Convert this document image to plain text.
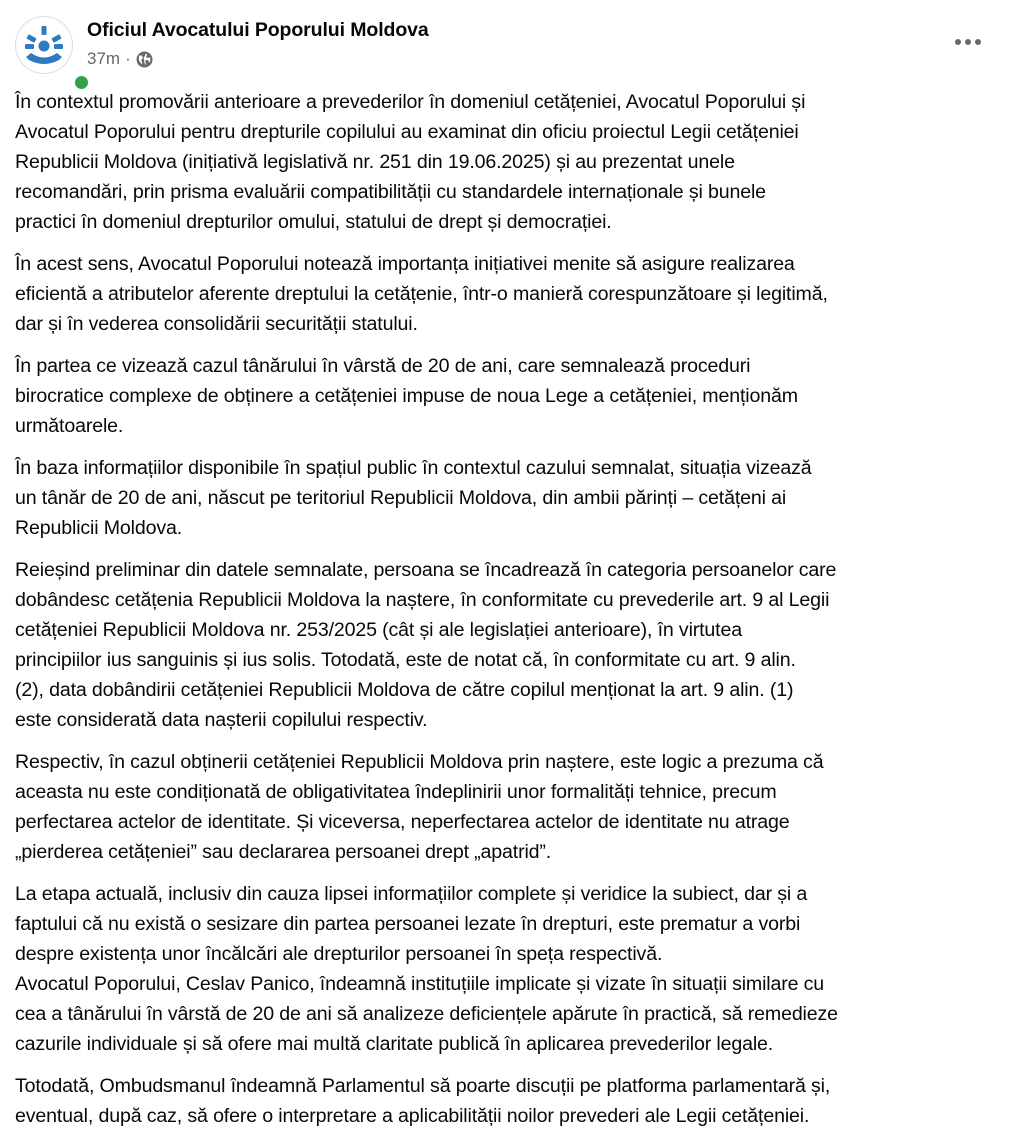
Oficiul Avocatului Poporului Moldova
37m ·

În contextul promovării anterioare a prevederilor în domeniul cetățeniei, Avocatul Poporului și
Avocatul Poporului pentru drepturile copilului au examinat din oficiu proiectul Legii cetățeniei
Republicii Moldova (inițiativă legislativă nr. 251 din 19.06.2025) și au prezentat unele
recomandări, prin prisma evaluării compatibilității cu standardele internaționale și bunele
practici în domeniul drepturilor omului, statului de drept și democrației.

În acest sens, Avocatul Poporului notează importanța inițiativei menite să asigure realizarea
eficientă a atributelor aferente dreptului la cetățenie, într-o manieră corespunzătoare și legitimă,
dar și în vederea consolidării securității statului.

În partea ce vizează cazul tânărului în vârstă de 20 de ani, care semnalează proceduri
birocratice complexe de obținere a cetățeniei impuse de noua Lege a cetățeniei, menționăm
următoarele.

În baza informațiilor disponibile în spațiul public în contextul cazului semnalat, situația vizează
un tânăr de 20 de ani, născut pe teritoriul Republicii Moldova, din ambii părinți – cetățeni ai
Republicii Moldova.

Reieșind preliminar din datele semnalate, persoana se încadrează în categoria persoanelor care
dobândesc cetățenia Republicii Moldova la naștere, în conformitate cu prevederile art. 9 al Legii
cetățeniei Republicii Moldova nr. 253/2025 (cât și ale legislației anterioare), în virtutea
principiilor ius sanguinis și ius solis. Totodată, este de notat că, în conformitate cu art. 9 alin.
(2), data dobândirii cetățeniei Republicii Moldova de către copilul menționat la art. 9 alin. (1)
este considerată data nașterii copilului respectiv.

Respectiv, în cazul obținerii cetățeniei Republicii Moldova prin naștere, este logic a prezuma că
aceasta nu este condiționată de obligativitatea îndeplinirii unor formalități tehnice, precum
perfectarea actelor de identitate. Și viceversa, neperfectarea actelor de identitate nu atrage
„pierderea cetățeniei” sau declararea persoanei drept „apatrid”.

La etapa actuală, inclusiv din cauza lipsei informațiilor complete și veridice la subiect, dar și a
faptului că nu există o sesizare din partea persoanei lezate în drepturi, este prematur a vorbi
despre existența unor încălcări ale drepturilor persoanei în speța respectivă.
Avocatul Poporului, Ceslav Panico, îndeamnă instituțiile implicate și vizate în situații similare cu
cea a tânărului în vârstă de 20 de ani să analizeze deficiențele apărute în practică, să remedieze
cazurile individuale și să ofere mai multă claritate publică în aplicarea prevederilor legale.

Totodată, Ombudsmanul îndeamnă Parlamentul să poarte discuții pe platforma parlamentară și,
eventual, după caz, să ofere o interpretare a aplicabilității noilor prevederi ale Legii cetățeniei.
